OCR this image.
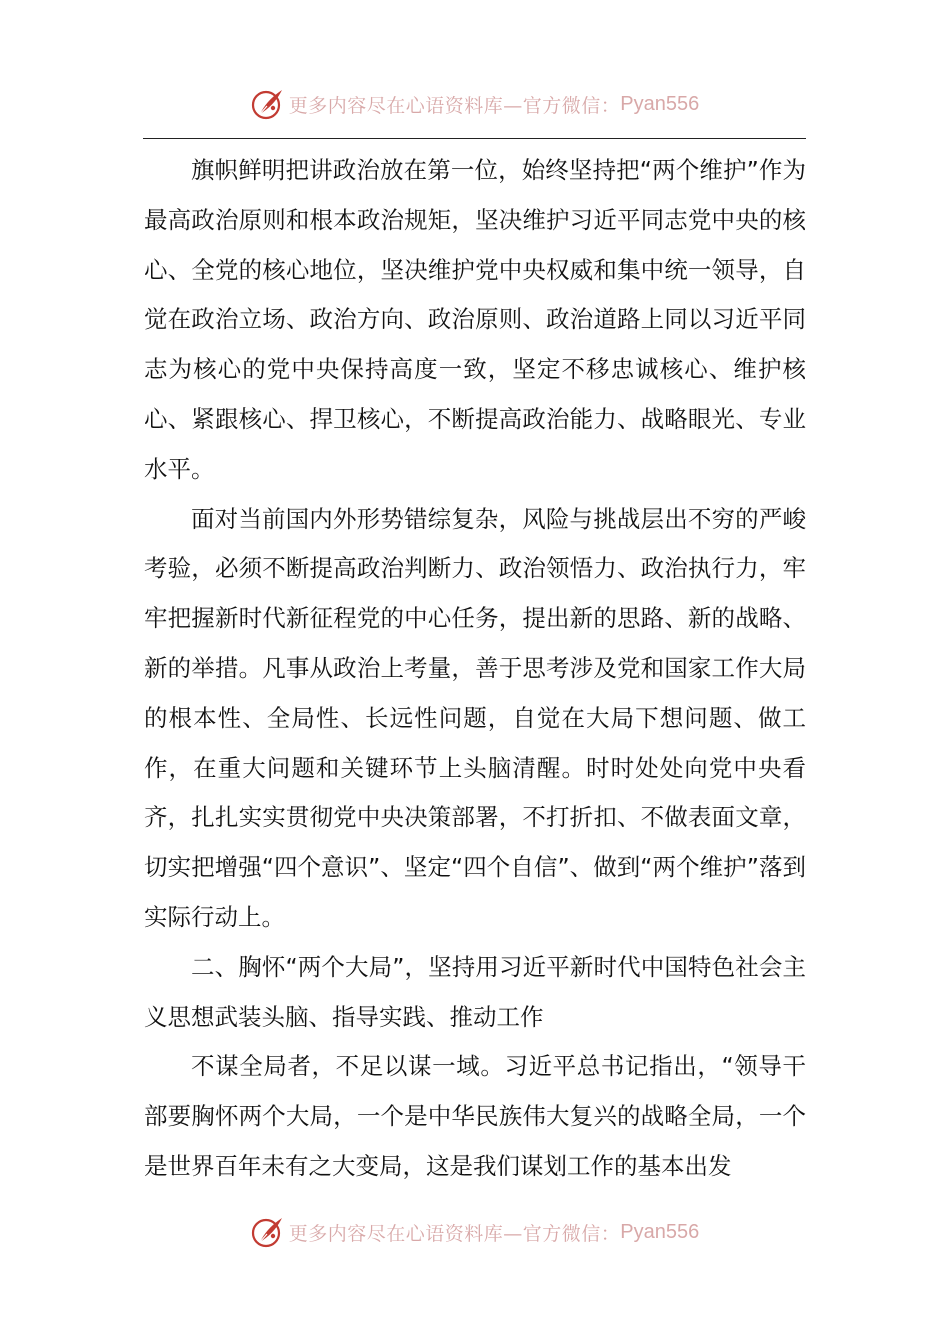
更多内容尽在心语资料库—官方微信： Pyan556

旗帜鲜明把讲政治放在第一位，始终坚持把“两个维护”作为最高政治原则和根本政治规矩，坚决维护习近平同志党中央的核心、全党的核心地位，坚决维护党中央权威和集中统一领导，自觉在政治立场、政治方向、政治原则、政治道路上同以习近平同志为核心的党中央保持高度一致，坚定不移忠诚核心、维护核心、紧跟核心、捍卫核心，不断提高政治能力、战略眼光、专业水平。

面对当前国内外形势错综复杂，风险与挑战层出不穷的严峻考验，必须不断提高政治判断力、政治领悟力、政治执行力，牢牢把握新时代新征程党的中心任务，提出新的思路、新的战略、新的举措。凡事从政治上考量，善于思考涉及党和国家工作大局的根本性、全局性、长远性问题，自觉在大局下想问题、做工作，在重大问题和关键环节上头脑清醒。时时处处向党中央看齐，扎扎实实贯彻党中央决策部署，不打折扣、不做表面文章，切实把增强“四个意识”、坚定“四个自信”、做到“两个维护”落到实际行动上。

二、胸怀“两个大局”，坚持用习近平新时代中国特色社会主义思想武装头脑、指导实践、推动工作

不谋全局者，不足以谋一域。习近平总书记指出，“领导干部要胸怀两个大局，一个是中华民族伟大复兴的战略全局，一个是世界百年未有之大变局，这是我们谋划工作的基本出发

更多内容尽在心语资料库—官方微信： Pyan556
